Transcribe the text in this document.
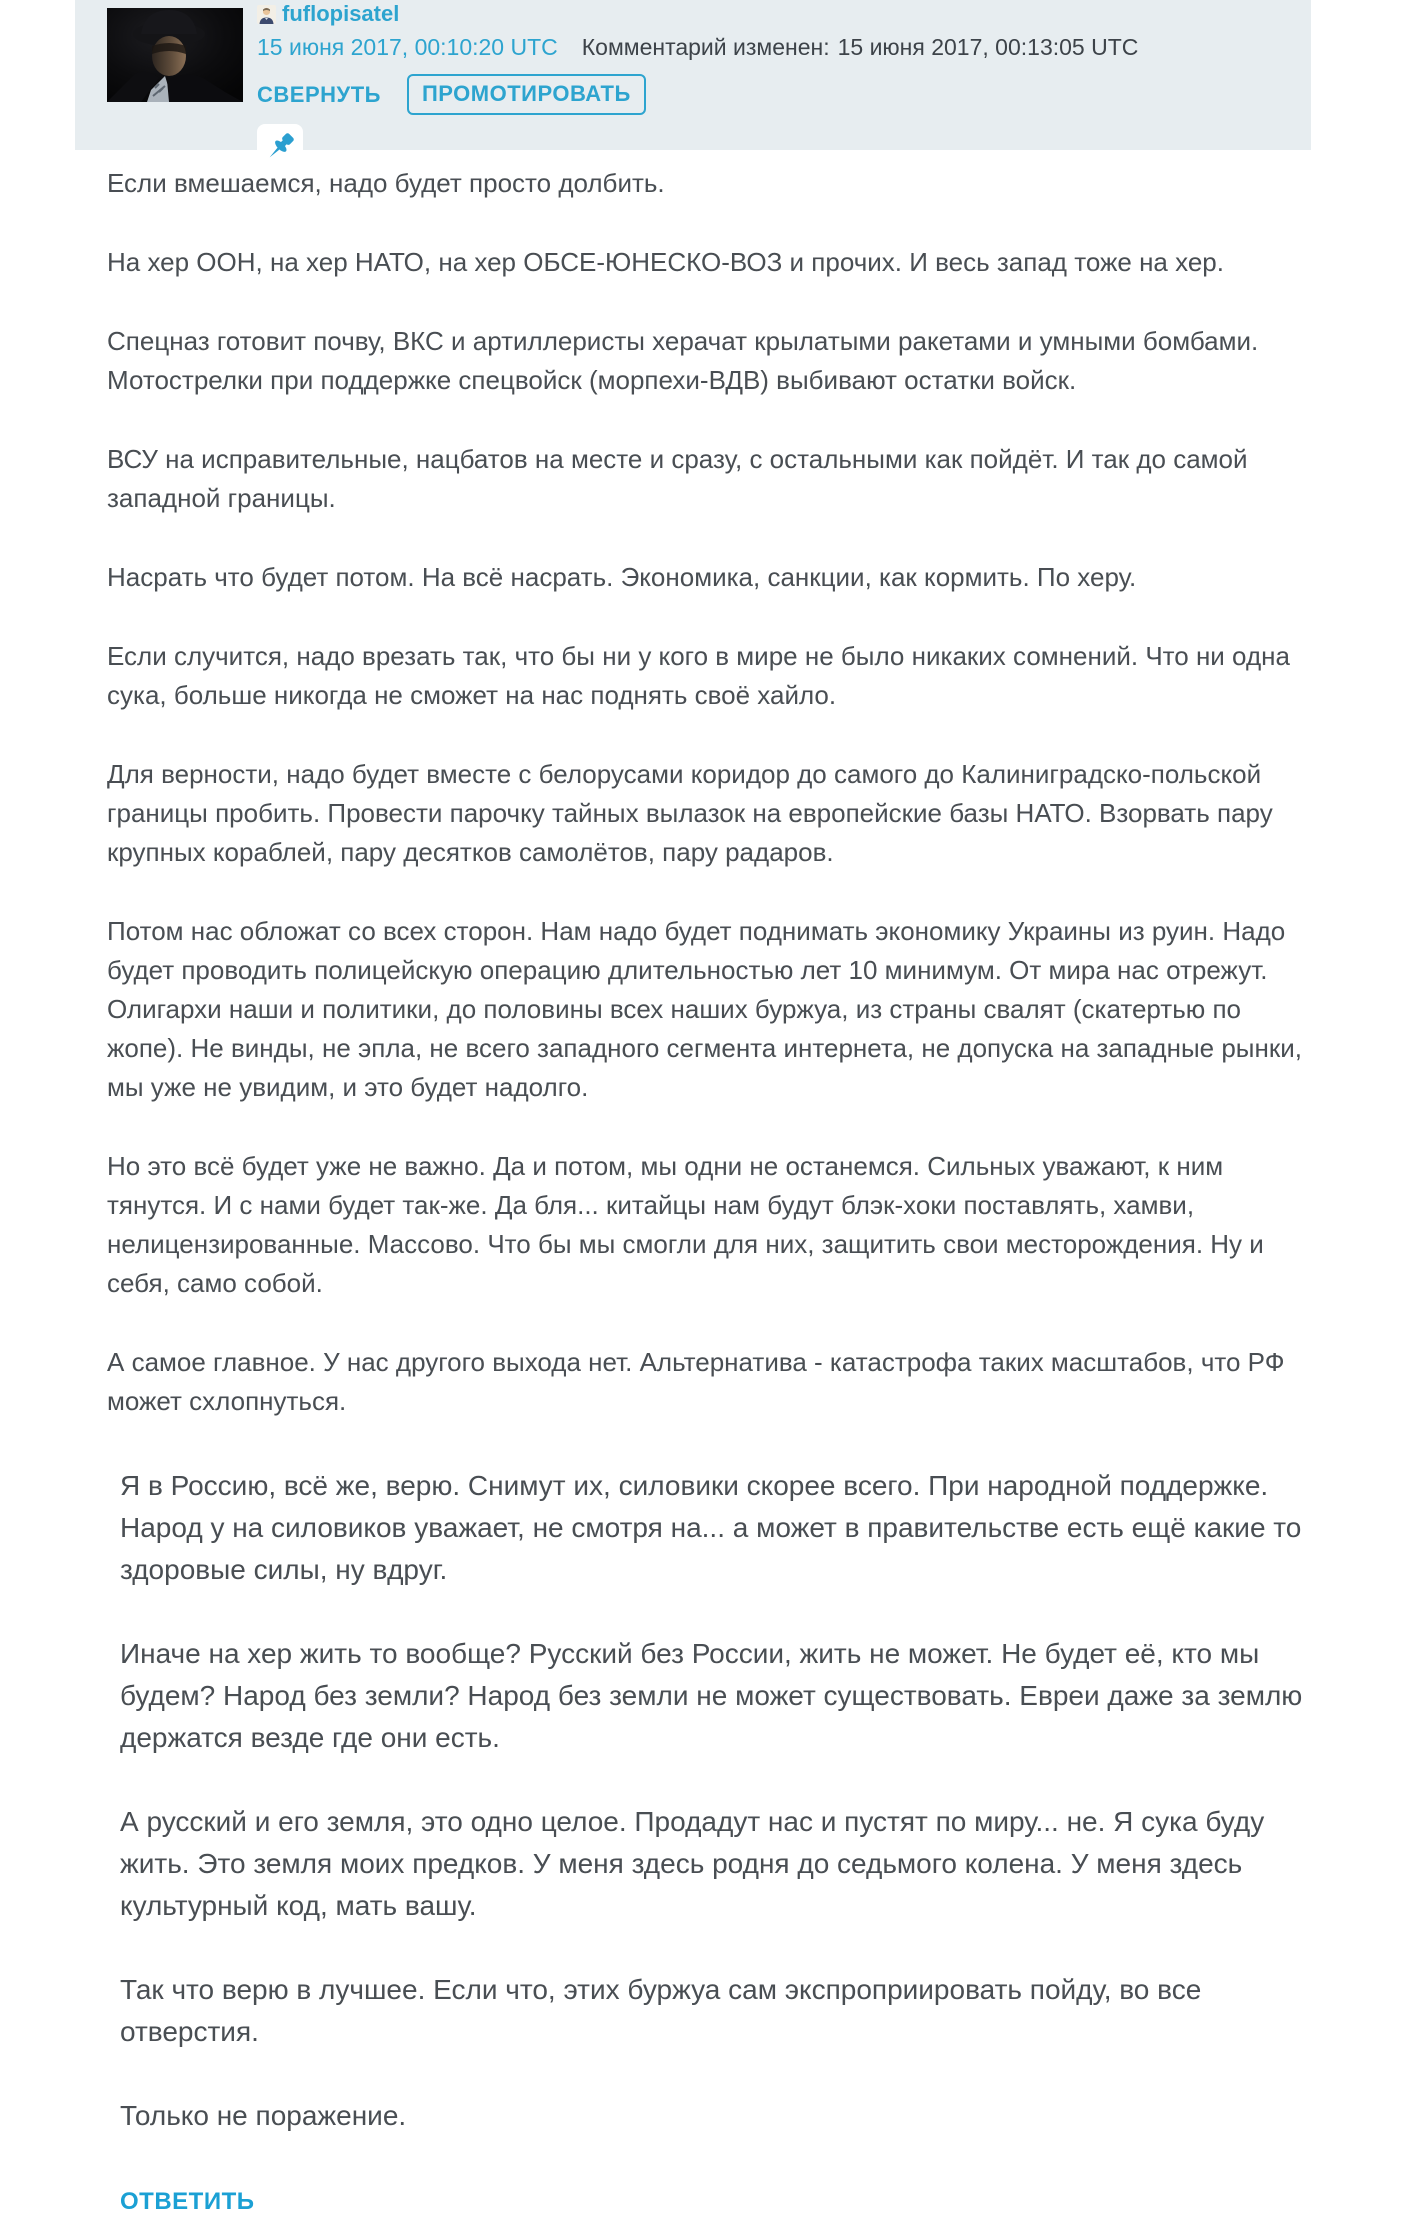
fuflopisatel
15 июня 2017, 00:10:20 UTC Комментарий изменен: 15 июня 2017, 00:13:05 UTC
СВЕРНУТЬ	ПРОМОТИРОВАТЬ

Если вмешаемся, надо будет просто долбить.

На хер ООН, на хер НАТО, на хер ОБСЕ-ЮНЕСКО-ВОЗ и прочих. И весь запад тоже на хер.

Спецназ готовит почву, ВКС и артиллеристы херачат крылатыми ракетами и умными бомбами. Мотострелки при поддержке спецвойск (морпехи-ВДВ) выбивают остатки войск.

ВСУ на исправительные, нацбатов на месте и сразу, с остальными как пойдёт. И так до самой западной границы.

Насрать что будет потом. На всё насрать. Экономика, санкции, как кормить. По херу.

Если случится, надо врезать так, что бы ни у кого в мире не было никаких сомнений. Что ни одна сука, больше никогда не сможет на нас поднять своё хайло.

Для верности, надо будет вместе с белорусами коридор до самого до Калиниградско-польской границы пробить. Провести парочку тайных вылазок на европейские базы НАТО. Взорвать пару крупных кораблей, пару десятков самолётов, пару радаров.

Потом нас обложат со всех сторон. Нам надо будет поднимать экономику Украины из руин. Надо будет проводить полицейскую операцию длительностью лет 10 минимум. От мира нас отрежут. Олигархи наши и политики, до половины всех наших буржуа, из страны свалят (скатертью по жопе). Не винды, не эпла, не всего западного сегмента интернета, не допуска на западные рынки, мы уже не увидим, и это будет надолго.

Но это всё будет уже не важно. Да и потом, мы одни не останемся. Сильных уважают, к ним тянутся. И с нами будет так-же. Да бля... китайцы нам будут блэк-хоки поставлять, хамви, нелицензированные. Массово. Что бы мы смогли для них, защитить свои месторождения. Ну и себя, само собой.

А самое главное. У нас другого выхода нет. Альтернатива - катастрофа таких масштабов, что РФ может схлопнуться.

Я в Россию, всё же, верю. Снимут их, силовики скорее всего. При народной поддержке. Народ у на силовиков уважает, не смотря на... а может в правительстве есть ещё какие то здоровые силы, ну вдруг.

Иначе на хер жить то вообще? Русский без России, жить не может. Не будет её, кто мы будем? Народ без земли? Народ без земли не может существовать. Евреи даже за землю держатся везде где они есть.

А русский и его земля, это одно целое. Продадут нас и пустят по миру... не. Я сука буду жить. Это земля моих предков. У меня здесь родня до седьмого колена. У меня здесь культурный код, мать вашу.

Так что верю в лучшее. Если что, этих буржуа сам экспроприировать пойду, во все отверстия.

Только не поражение.

ОТВЕТИТЬ
